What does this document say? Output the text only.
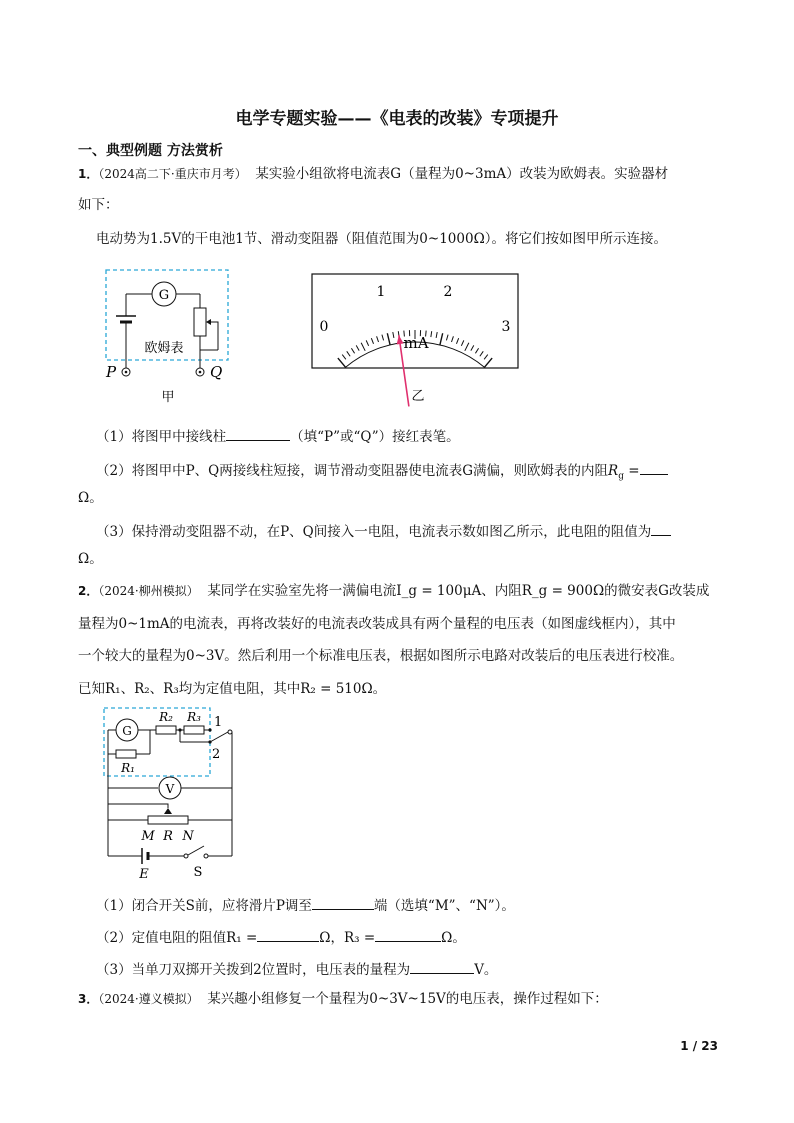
电学专题实验——《电表的改装》专项提升
一、典型例题 方法赏析
1．（2024高二下·重庆市月考） 某实验小组欲将电流表G（量程为0~3mA）改装为欧姆表。实验器材
如下：
电动势为1.5V的干电池1节、滑动变阻器（阻值范围为0~1000Ω）。将它们按如图甲所示连接。
G
欧姆表
P	Q
甲
0
1	2
3
mA
乙
（1）将图甲中接线柱	（填“P”或“Q”）接红表笔。
（2）将图甲中P、Q两接线柱短接，调节滑动变阻器使电流表G满偏，则欧姆表的内阻$R_g$ =
Ω。
（3）保持滑动变阻器不动，在P、Q间接入一电阻，电流表示数如图乙所示，此电阻的阻值为
Ω。
2．（2024·柳州模拟） 某同学在实验室先将一满偏电流I_g = 100μA、内阻R_g = 900Ω的微安表G改装成
量程为0~1mA的电流表，再将改装好的电流表改装成具有两个量程的电压表（如图虚线框内），其中
一个较大的量程为0~3V。然后利用一个标准电压表，根据如图所示电路对改装后的电压表进行校准。
已知R₁、R₂、R₃均为定值电阻，其中R₂ = 510Ω。
G
R₁
R₂ R₃ 1
2
V
M R N
E	S
（1）闭合开关S前，应将滑片P调至	端（选填“M”、“N”）。
（2）定值电阻的阻值R₁ =	Ω，R₃ =	Ω。
（3）当单刀双掷开关拨到2位置时，电压表的量程为	V。
3．（2024·遵义模拟） 某兴趣小组修复一个量程为0~3V~15V的电压表，操作过程如下：
1 / 23
